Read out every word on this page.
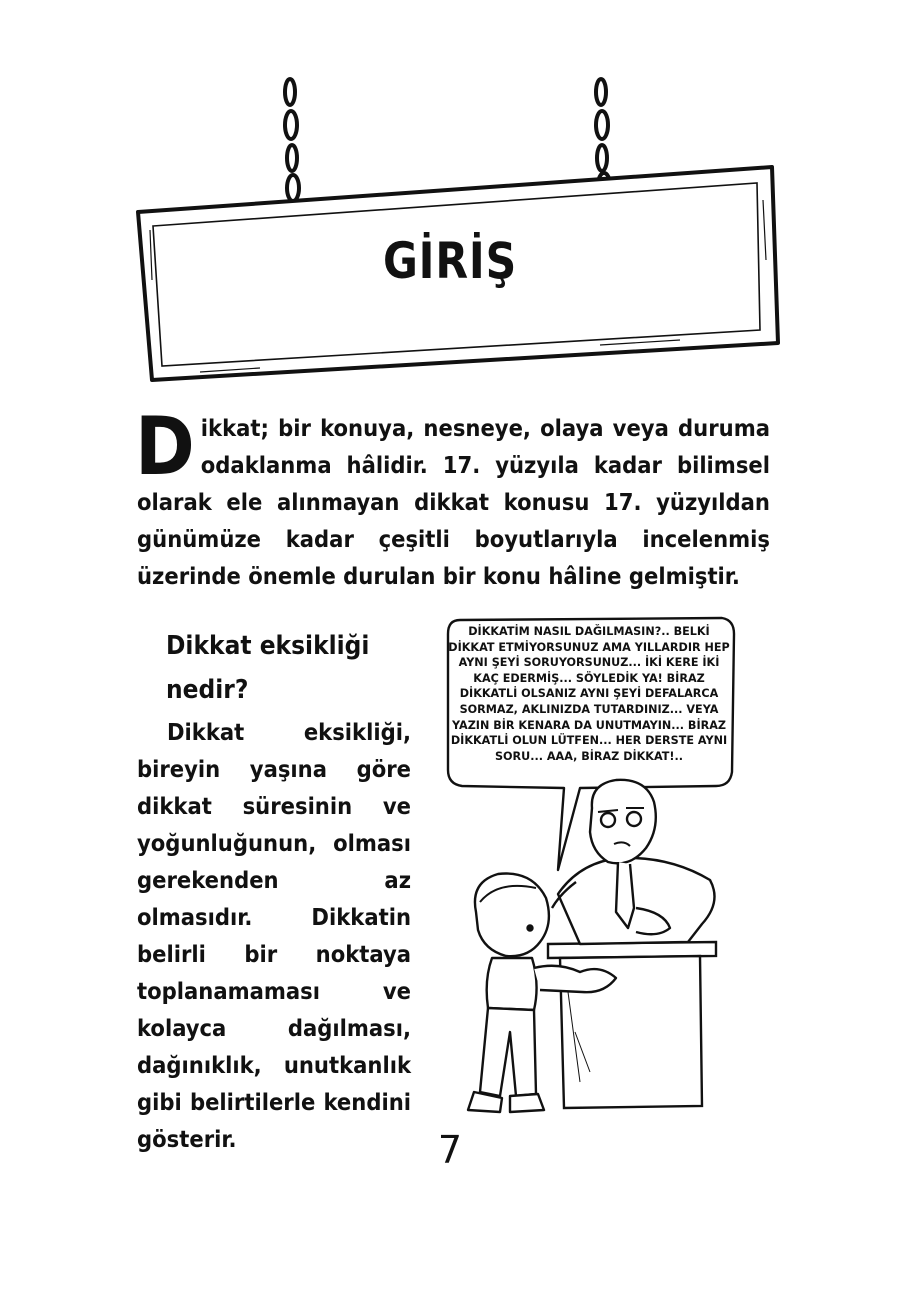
GİRİŞ
Dikkat; bir konuya, nesneye, olaya veya duruma odaklanma hâlidir. 17. yüzyıla kadar bilimsel olarak ele alınmayan dikkat konusu 17. yüzyıldan günümüze kadar çeşitli boyutlarıyla incelenmiş üzerinde önemle durulan bir konu hâline gelmiştir.
Dikkat eksikliği nedir?
Dikkat eksikliği, bireyin yaşına göre dikkat süresinin ve yoğunluğunun, olması gerekenden az olmasıdır. Dikkatin belirli bir noktaya toplanamaması ve kolayca dağılması, dağınıklık, unutkanlık gibi belirtilerle kendini gösterir.
DİKKATİM NASIL DAĞILMASIN?.. BELKİ DİKKAT ETMİYORSUNUZ AMA YILLARDIR HEP AYNI ŞEYİ SORUYORSUNUZ... İKİ KERE İKİ KAÇ EDERMİŞ... SÖYLEDİK YA! BİRAZ DİKKATLİ OLSANIZ AYNI ŞEYİ DEFALARCA SORMAZ, AKLINIZDA TUTARDINIZ... VEYA YAZIN BİR KENARA DA UNUTMAYIN... BİRAZ DİKKATLİ OLUN LÜTFEN... HER DERSTE AYNI SORU... AAA, BİRAZ DİKKAT!..
7
